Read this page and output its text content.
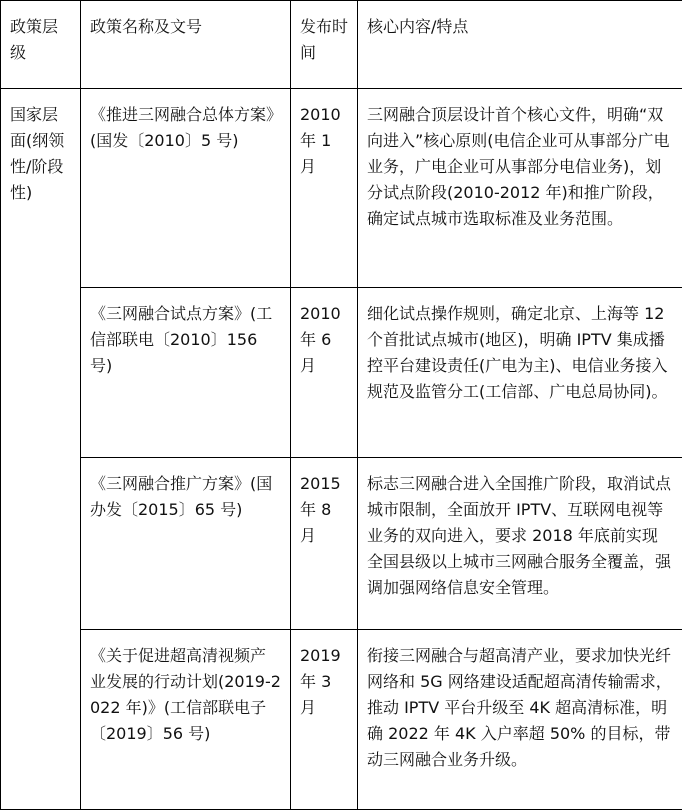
政策层级	政策名称及文号	发布时间	核心内容/特点
国家层面(纲领性/阶段性)	《推进三网融合总体方案》(国发〔2010〕5 号)	2010 年 1 月	三网融合顶层设计首个核心文件，明确“双向进入”核心原则(电信企业可从事部分广电业务，广电企业可从事部分电信业务)，划分试点阶段(2010-2012 年)和推广阶段，确定试点城市选取标准及业务范围。
	《三网融合试点方案》(工信部联电〔2010〕156 号)	2010 年 6 月	细化试点操作规则，确定北京、上海等 12 个首批试点城市(地区)，明确 IPTV 集成播控平台建设责任(广电为主)、电信业务接入规范及监管分工(工信部、广电总局协同)。
	《三网融合推广方案》(国办发〔2015〕65 号)	2015 年 8 月	标志三网融合进入全国推广阶段，取消试点城市限制，全面放开 IPTV、互联网电视等业务的双向进入，要求 2018 年底前实现全国县级以上城市三网融合服务全覆盖，强调加强网络信息安全管理。
	《关于促进超高清视频产业发展的行动计划(2019-2022 年)》(工信部联电子〔2019〕56 号)	2019 年 3 月	衔接三网融合与超高清产业，要求加快光纤网络和 5G 网络建设适配超高清传输需求，推动 IPTV 平台升级至 4K 超高清标准，明确 2022 年 4K 入户率超 50% 的目标，带动三网融合业务升级。
